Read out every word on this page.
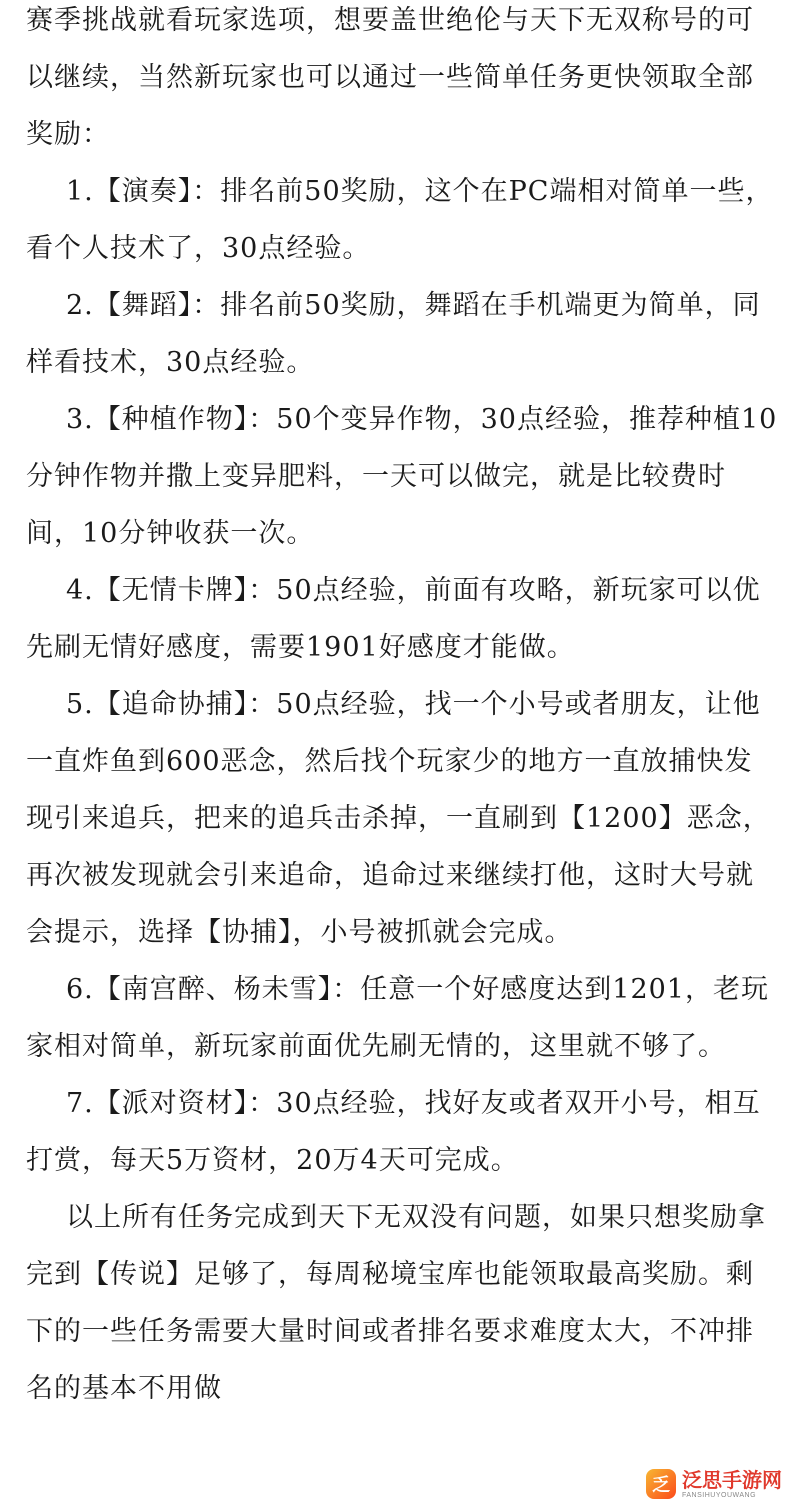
赛季挑战就看玩家选项，想要盖世绝伦与天下无双称号的可以继续，当然新玩家也可以通过一些简单任务更快领取全部奖励：

1.【演奏】：排名前50奖励，这个在PC端相对简单一些，看个人技术了，30点经验。

2.【舞蹈】：排名前50奖励，舞蹈在手机端更为简单，同样看技术，30点经验。

3.【种植作物】：50个变异作物，30点经验，推荐种植10分钟作物并撒上变异肥料，一天可以做完，就是比较费时间，10分钟收获一次。

4.【无情卡牌】：50点经验，前面有攻略，新玩家可以优先刷无情好感度，需要1901好感度才能做。

5.【追命协捕】：50点经验，找一个小号或者朋友，让他一直炸鱼到600恶念，然后找个玩家少的地方一直放捕快发现引来追兵，把来的追兵击杀掉，一直刷到【1200】恶念，再次被发现就会引来追命，追命过来继续打他，这时大号就会提示，选择【协捕】，小号被抓就会完成。

6.【南宫醉、杨未雪】：任意一个好感度达到1201，老玩家相对简单，新玩家前面优先刷无情的，这里就不够了。

7.【派对资材】：30点经验，找好友或者双开小号，相互打赏，每天5万资材，20万4天可完成。

以上所有任务完成到天下无双没有问题，如果只想奖励拿完到【传说】足够了，每周秘境宝库也能领取最高奖励。剩下的一些任务需要大量时间或者排名要求难度太大，不冲排名的基本不用做

乏 泛思手游网
FANSIHUYOUWANG
